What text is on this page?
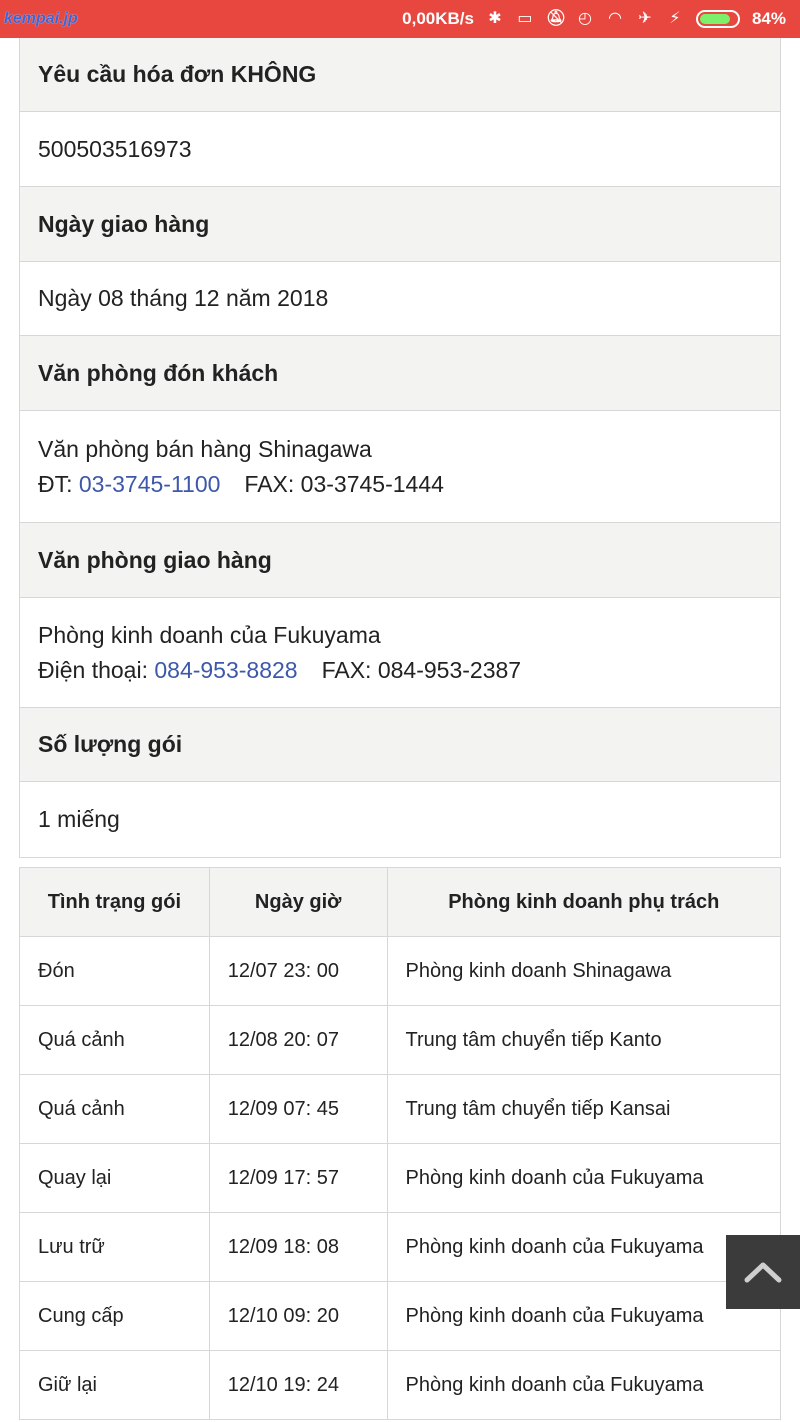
kempai.jp	0,00KB/s ✱ ▭ 🔕︎ ◴ ◠ ✈ ⚡	84%
Yêu cầu hóa đơn KHÔNG
500503516973
Ngày giao hàng
Ngày 08 tháng 12 năm 2018
Văn phòng đón khách
Văn phòng bán hàng Shinagawa
ĐT: 03-3745-1100 FAX: 03-3745-1444
Văn phòng giao hàng
Phòng kinh doanh của Fukuyama
Điện thoại: 084-953-8828 FAX: 084-953-2387
Số lượng gói
1 miếng
Tình trạng gói	Ngày giờ	Phòng kinh doanh phụ trách
Đón	12/07 23: 00	Phòng kinh doanh Shinagawa
Quá cảnh	12/08 20: 07	Trung tâm chuyển tiếp Kanto
Quá cảnh	12/09 07: 45	Trung tâm chuyển tiếp Kansai
Quay lại	12/09 17: 57	Phòng kinh doanh của Fukuyama
Lưu trữ	12/09 18: 08	Phòng kinh doanh của Fukuyama
Cung cấp	12/10 09: 20	Phòng kinh doanh của Fukuyama
Giữ lại	12/10 19: 24	Phòng kinh doanh của Fukuyama
